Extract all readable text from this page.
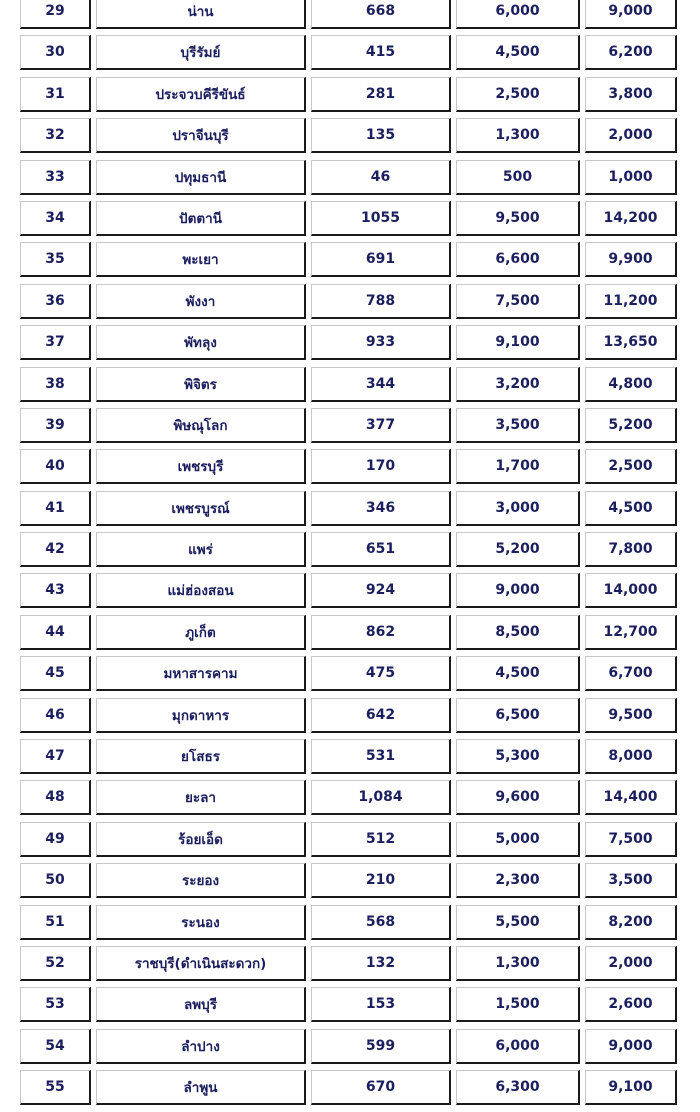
29	น่าน	668	6,000	9,000
30	บุรีรัมย์	415	4,500	6,200
31	ประจวบคีรีขันธ์	281	2,500	3,800
32	ปราจีนบุรี	135	1,300	2,000
33	ปทุมธานี	46	500	1,000
34	ปัตตานี	1055	9,500	14,200
35	พะเยา	691	6,600	9,900
36	พังงา	788	7,500	11,200
37	พัทลุง	933	9,100	13,650
38	พิจิตร	344	3,200	4,800
39	พิษณุโลก	377	3,500	5,200
40	เพชรบุรี	170	1,700	2,500
41	เพชรบูรณ์	346	3,000	4,500
42	แพร่	651	5,200	7,800
43	แม่ฮ่องสอน	924	9,000	14,000
44	ภูเก็ต	862	8,500	12,700
45	มหาสารคาม	475	4,500	6,700
46	มุกดาหาร	642	6,500	9,500
47	ยโสธร	531	5,300	8,000
48	ยะลา	1,084	9,600	14,400
49	ร้อยเอ็ด	512	5,000	7,500
50	ระยอง	210	2,300	3,500
51	ระนอง	568	5,500	8,200
52	ราชบุรี(ดำเนินสะดวก)	132	1,300	2,000
53	ลพบุรี	153	1,500	2,600
54	ลำปาง	599	6,000	9,000
55	ลำพูน	670	6,300	9,100
